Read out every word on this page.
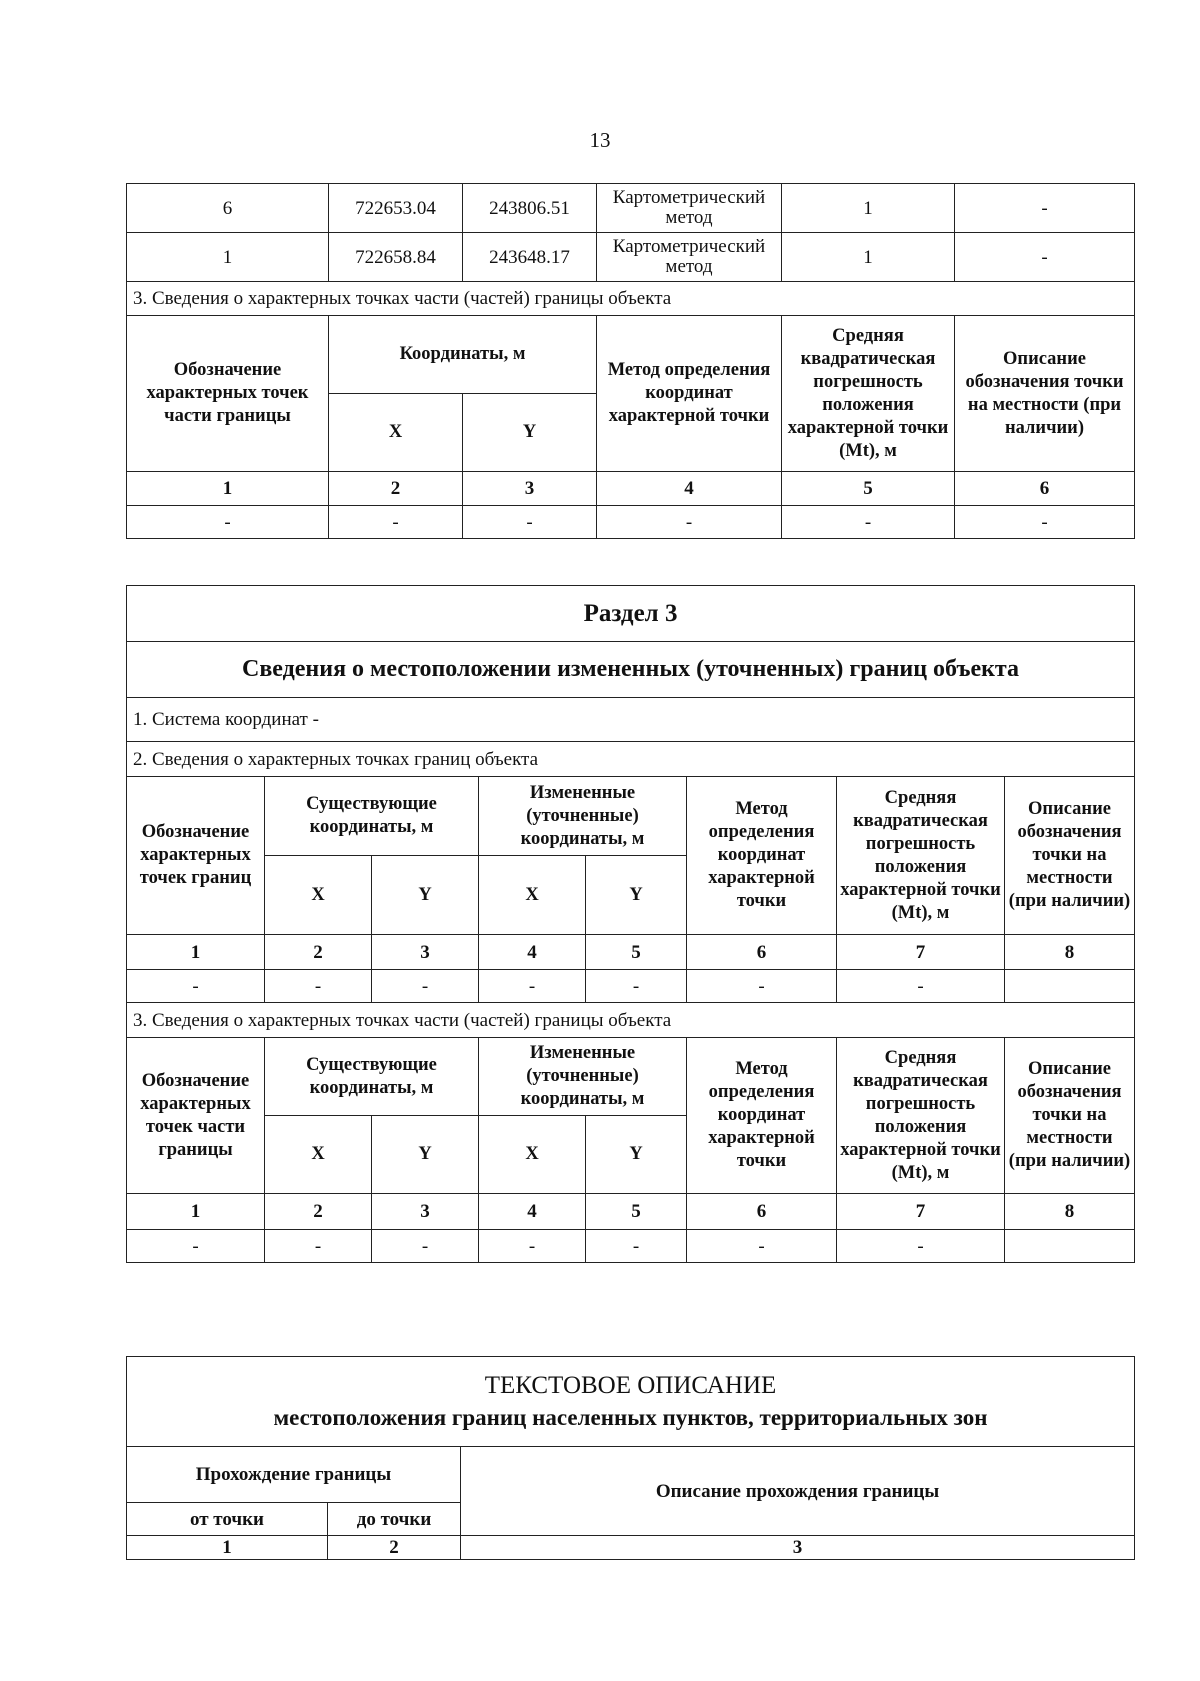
13
6	722653.04	243806.51	Картометрический метод	1	-
1	722658.84	243648.17	Картометрический метод	1	-
3. Сведения о характерных точках части (частей) границы объекта					
Обозначение характерных точек части границы	Координаты, м		Метод определения координат характерной точки	Средняя квадратическая погрешность положения характерной точки (Mt), м	Описание обозначения точки на местности (при наличии)
	X	Y			
1	2	3	4	5	6
-	-	-	-	-	-
Раздел 3							
Сведения о местоположении измененных (уточненных) границ объекта							
1. Система координат -							
2. Сведения о характерных точках границ объекта							
Обозначение характерных точек границ	Существующие координаты, м		Измененные (уточненные) координаты, м		Метод определения координат характерной точки	Средняя квадратическая погрешность положения характерной точки (Mt), м	Описание обозначения точки на местности (при наличии)
	X	Y	X	Y			
1	2	3	4	5	6	7	8
-	-	-	-	-	-	-	
3. Сведения о характерных точках части (частей) границы объекта							
Обозначение характерных точек части границы	Существующие координаты, м		Измененные (уточненные) координаты, м		Метод определения координат характерной точки	Средняя квадратическая погрешность положения характерной точки (Mt), м	Описание обозначения точки на местности (при наличии)
	X	Y	X	Y			
1	2	3	4	5	6	7	8
-	-	-	-	-	-	-	
ТЕКСТОВОЕ ОПИСАНИЕ
местоположения границ населенных пунктов, территориальных зон		

Прохождение границы		Описание прохождения границы
от точки	до точки	
1	2	3
